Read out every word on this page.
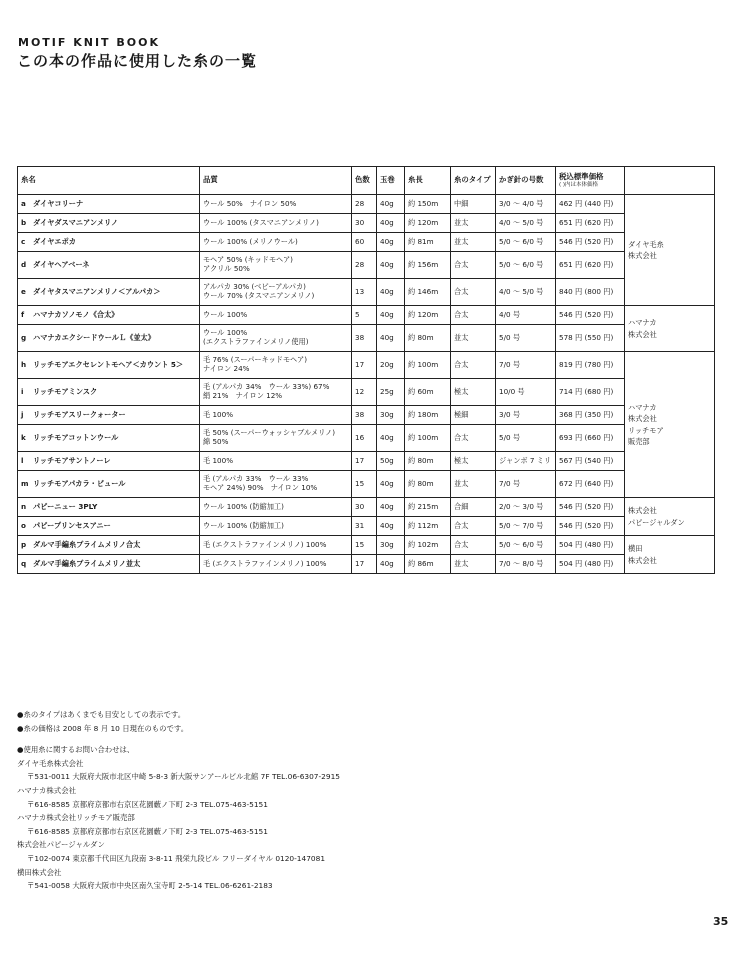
MOTIF KNIT BOOK
この本の作品に使用した糸の一覧
糸名	品質	色数	玉巻	糸長	糸のタイプ	かぎ針の号数	税込標準価格
( )内は本体価格	

a ダイヤコリーナ	ウール 50%　ナイロン 50%	28	40g	約 150m	中細	3/0 〜 4/0 号	462 円 (440 円)	ダイヤ毛糸
株式会社

b ダイヤダスマニアンメリノ	ウール 100% (タスマニアンメリノ)	30	40g	約 120m	並太	4/0 〜 5/0 号	651 円 (620 円)	
c ダイヤエポカ	ウール 100% (メリノウール)	60	40g	約 81m	並太	5/0 〜 6/0 号	546 円 (520 円)	
d ダイヤヘアベーネ	モヘア 50% (キッドモヘア)
アクリル 50%	28	40g	約 156m	合太	5/0 〜 6/0 号	651 円 (620 円)	
e ダイヤタスマニアンメリノ＜アルパカ＞	アルパカ 30% (ベビーアルパカ)
ウール 70% (タスマニアンメリノ)	13	40g	約 146m	合太	4/0 〜 5/0 号	840 円 (800 円)	
f ハマナカソノモノ《合太》	ウール 100%	5	40g	約 120m	合太	4/0 号	546 円 (520 円)	ハマナカ
株式会社

g ハマナカエクシードウールＬ《並太》	ウール 100%
(エクストラファインメリノ使用)	38	40g	約 80m	並太	5/0 号	578 円 (550 円)	
h リッチモアエクセレントモヘア＜カウント 5＞	毛 76% (スーパーキッドモヘア)
ナイロン 24%	17	20g	約 100m	合太	7/0 号	819 円 (780 円)	ハマナカ
株式会社
リッチモア
販売部

i リッチモアミンスク	毛 (アルパカ 34%　ウール 33%) 67%
絹 21%　ナイロン 12%	12	25g	約 60m	極太	10/0 号	714 円 (680 円)	
j リッチモアスリークォーター	毛 100%	38	30g	約 180m	極細	3/0 号	368 円 (350 円)	
k リッチモアコットンウール	毛 50% (スーパーウォッシャブルメリノ)
綿 50%	16	40g	約 100m	合太	5/0 号	693 円 (660 円)	
l リッチモアサントノーレ	毛 100%	17	50g	約 80m	極太	ジャンボ 7 ミリ	567 円 (540 円)	
m リッチモアパカラ・ビュール	毛 (アルパカ 33%　ウール 33%
モヘア 24%) 90%　ナイロン 10%	15	40g	約 80m	並太	7/0 号	672 円 (640 円)	
n パピーニュー 3PLY	ウール 100% (防縮加工)	30	40g	約 215m	合細	2/0 〜 3/0 号	546 円 (520 円)	株式会社
パピージャルダン

o パピープリンセスアニー	ウール 100% (防縮加工)	31	40g	約 112m	合太	5/0 〜 7/0 号	546 円 (520 円)	
p ダルマ手編糸プライムメリノ合太	毛 (エクストラファインメリノ) 100%	15	30g	約 102m	合太	5/0 〜 6/0 号	504 円 (480 円)	横田
株式会社

q ダルマ手編糸プライムメリノ並太	毛 (エクストラファインメリノ) 100%	17	40g	約 86m	並太	7/0 〜 8/0 号	504 円 (480 円)	
●糸のタイプはあくまでも目安としての表示です。
●糸の価格は 2008 年 8 月 10 日現在のものです。
●使用糸に関するお問い合わせは、
ダイヤ毛糸株式会社
〒531-0011 大阪府大阪市北区中崎 5-8-3 新大阪サンアールビル北館 7F TEL.06-6307-2915
ハマナカ株式会社
〒616-8585 京都府京都市右京区花園藪ノ下町 2-3 TEL.075-463-5151
ハマナカ株式会社リッチモア販売部
〒616-8585 京都府京都市右京区花園藪ノ下町 2-3 TEL.075-463-5151
株式会社パピージャルダン
〒102-0074 東京都千代田区九段南 3-8-11 飛栄九段ビル フリーダイヤル 0120-147081
横田株式会社
〒541-0058 大阪府大阪市中央区南久宝寺町 2-5-14 TEL.06-6261-2183
35
